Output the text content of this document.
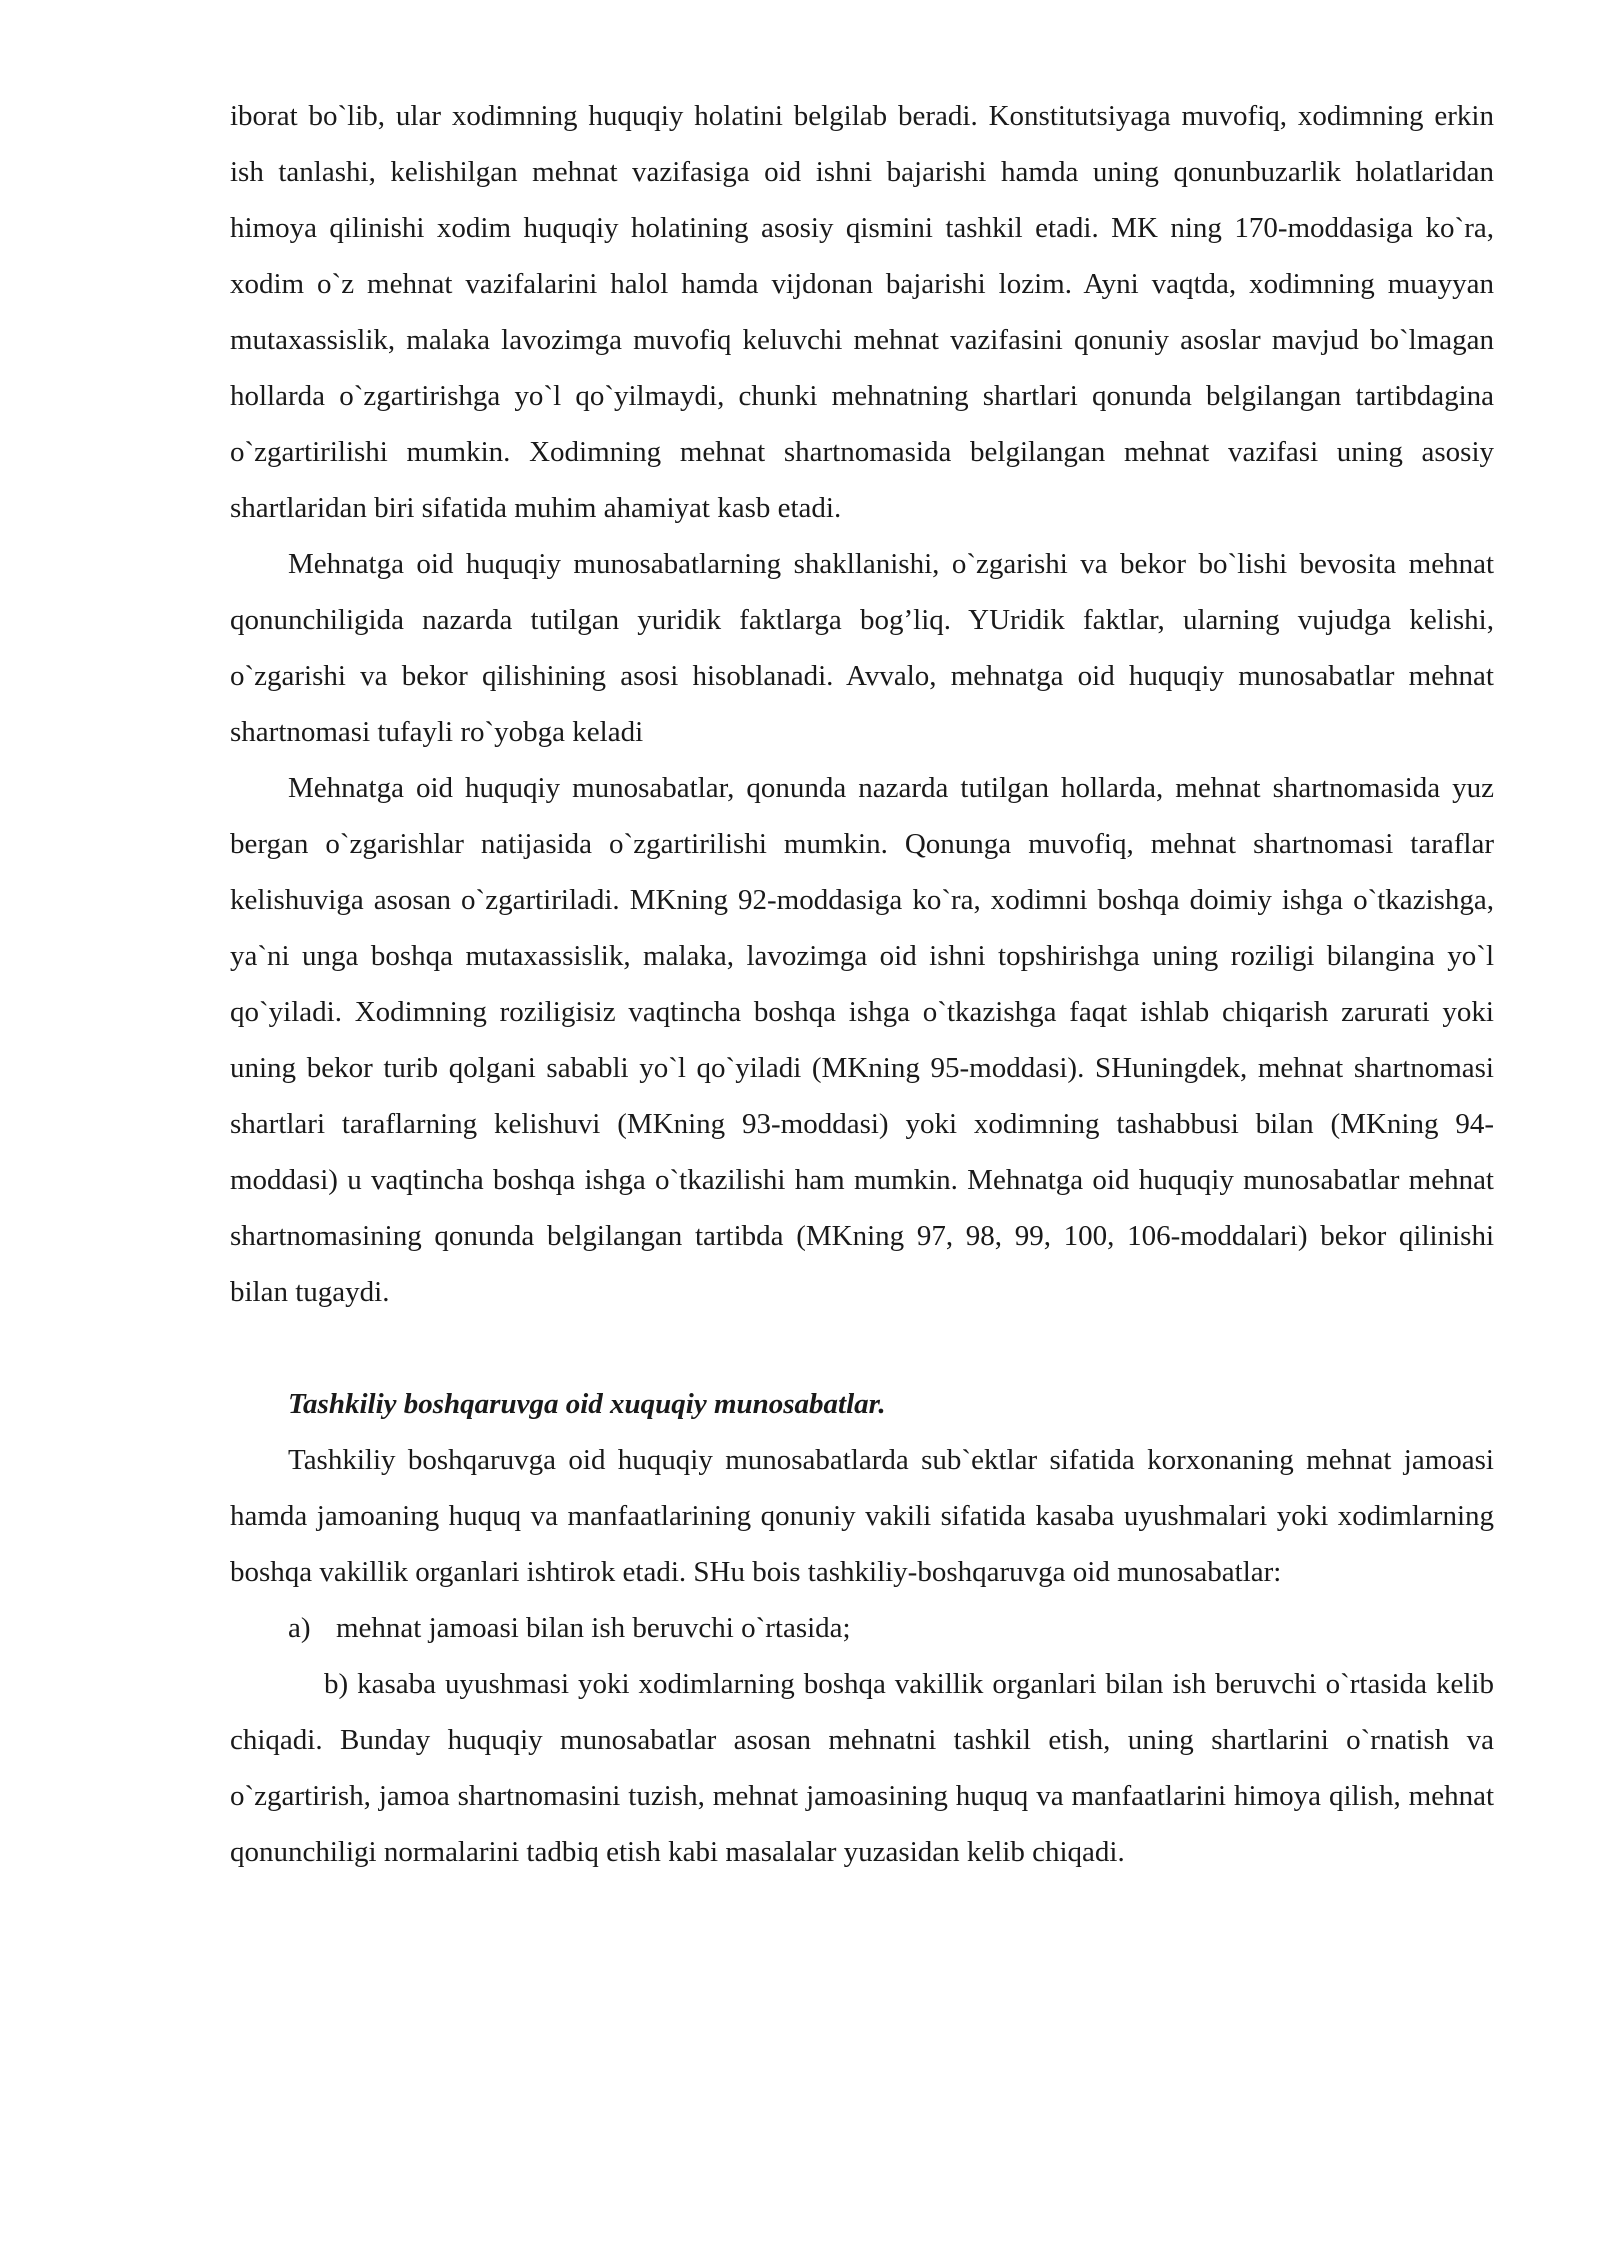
iborat bo`lib, ular xodimning huquqiy holatini belgilab beradi. Konstitutsiyaga muvofiq, xodimning erkin ish tanlashi, kelishilgan mehnat vazifasiga oid ishni bajarishi hamda uning qonunbuzarlik holatlaridan himoya qilinishi xodim huquqiy holatining asosiy qismini tashkil etadi. MK ning 170-moddasiga ko`ra, xodim o`z mehnat vazifalarini halol hamda vijdonan bajarishi lozim. Ayni vaqtda, xodimning muayyan mutaxassislik, malaka lavozimga muvofiq keluvchi mehnat vazifasini qonuniy asoslar mavjud bo`lmagan hollarda o`zgartirishga yo`l qo`yilmaydi, chunki mehnatning shartlari qonunda belgilangan tartibdagina o`zgartirilishi mumkin. Xodimning mehnat shartnomasida belgilangan mehnat vazifasi uning asosiy shartlaridan biri sifatida muhim ahamiyat kasb etadi.

Mehnatga oid huquqiy munosabatlarning shakllanishi, o`zgarishi va bekor bo`lishi bevosita mehnat qonunchiligida nazarda tutilgan yuridik faktlarga bog’liq. YUridik faktlar, ularning vujudga kelishi, o`zgarishi va bekor qilishining asosi hisoblanadi. Avvalo, mehnatga oid huquqiy munosabatlar mehnat shartnomasi tufayli ro`yobga keladi

Mehnatga oid huquqiy munosabatlar, qonunda nazarda tutilgan hollarda, mehnat shartnomasida yuz bergan o`zgarishlar natijasida o`zgartirilishi mumkin. Qonunga muvofiq, mehnat shartnomasi taraflar kelishuviga asosan o`zgartiriladi. MKning 92-moddasiga ko`ra, xodimni boshqa doimiy ishga o`tkazishga, ya`ni unga boshqa mutaxassislik, malaka, lavozimga oid ishni topshirishga uning roziligi bilangina yo`l qo`yiladi. Xodimning roziligisiz vaqtincha boshqa ishga o`tkazishga faqat ishlab chiqarish zarurati yoki uning bekor turib qolgani sababli yo`l qo`yiladi (MKning 95-moddasi). SHuningdek, mehnat shartnomasi shartlari taraflarning kelishuvi (MKning 93-moddasi) yoki xodimning tashabbusi bilan (MKning 94-moddasi) u vaqtincha boshqa ishga o`tkazilishi ham mumkin. Mehnatga oid huquqiy munosabatlar mehnat shartnomasining qonunda belgilangan tartibda (MKning 97, 98, 99, 100, 106-moddalari) bekor qilinishi bilan tugaydi.

Tashkiliy boshqaruvga oid xuquqiy munosabatlar.

Tashkiliy boshqaruvga oid huquqiy munosabatlarda sub`ektlar sifatida korxonaning mehnat jamoasi hamda jamoaning huquq va manfaatlarining qonuniy vakili sifatida kasaba uyushmalari yoki xodimlarning boshqa vakillik organlari ishtirok etadi. SHu bois tashkiliy-boshqaruvga oid munosabatlar:

a) mehnat jamoasi bilan ish beruvchi o`rtasida;

b) kasaba uyushmasi yoki xodimlarning boshqa vakillik organlari bilan ish beruvchi o`rtasida kelib chiqadi. Bunday huquqiy munosabatlar asosan mehnatni tashkil etish, uning shartlarini o`rnatish va o`zgartirish, jamoa shartnomasini tuzish, mehnat jamoasining huquq va manfaatlarini himoya qilish, mehnat qonunchiligi normalarini tadbiq etish kabi masalalar yuzasidan kelib chiqadi.
